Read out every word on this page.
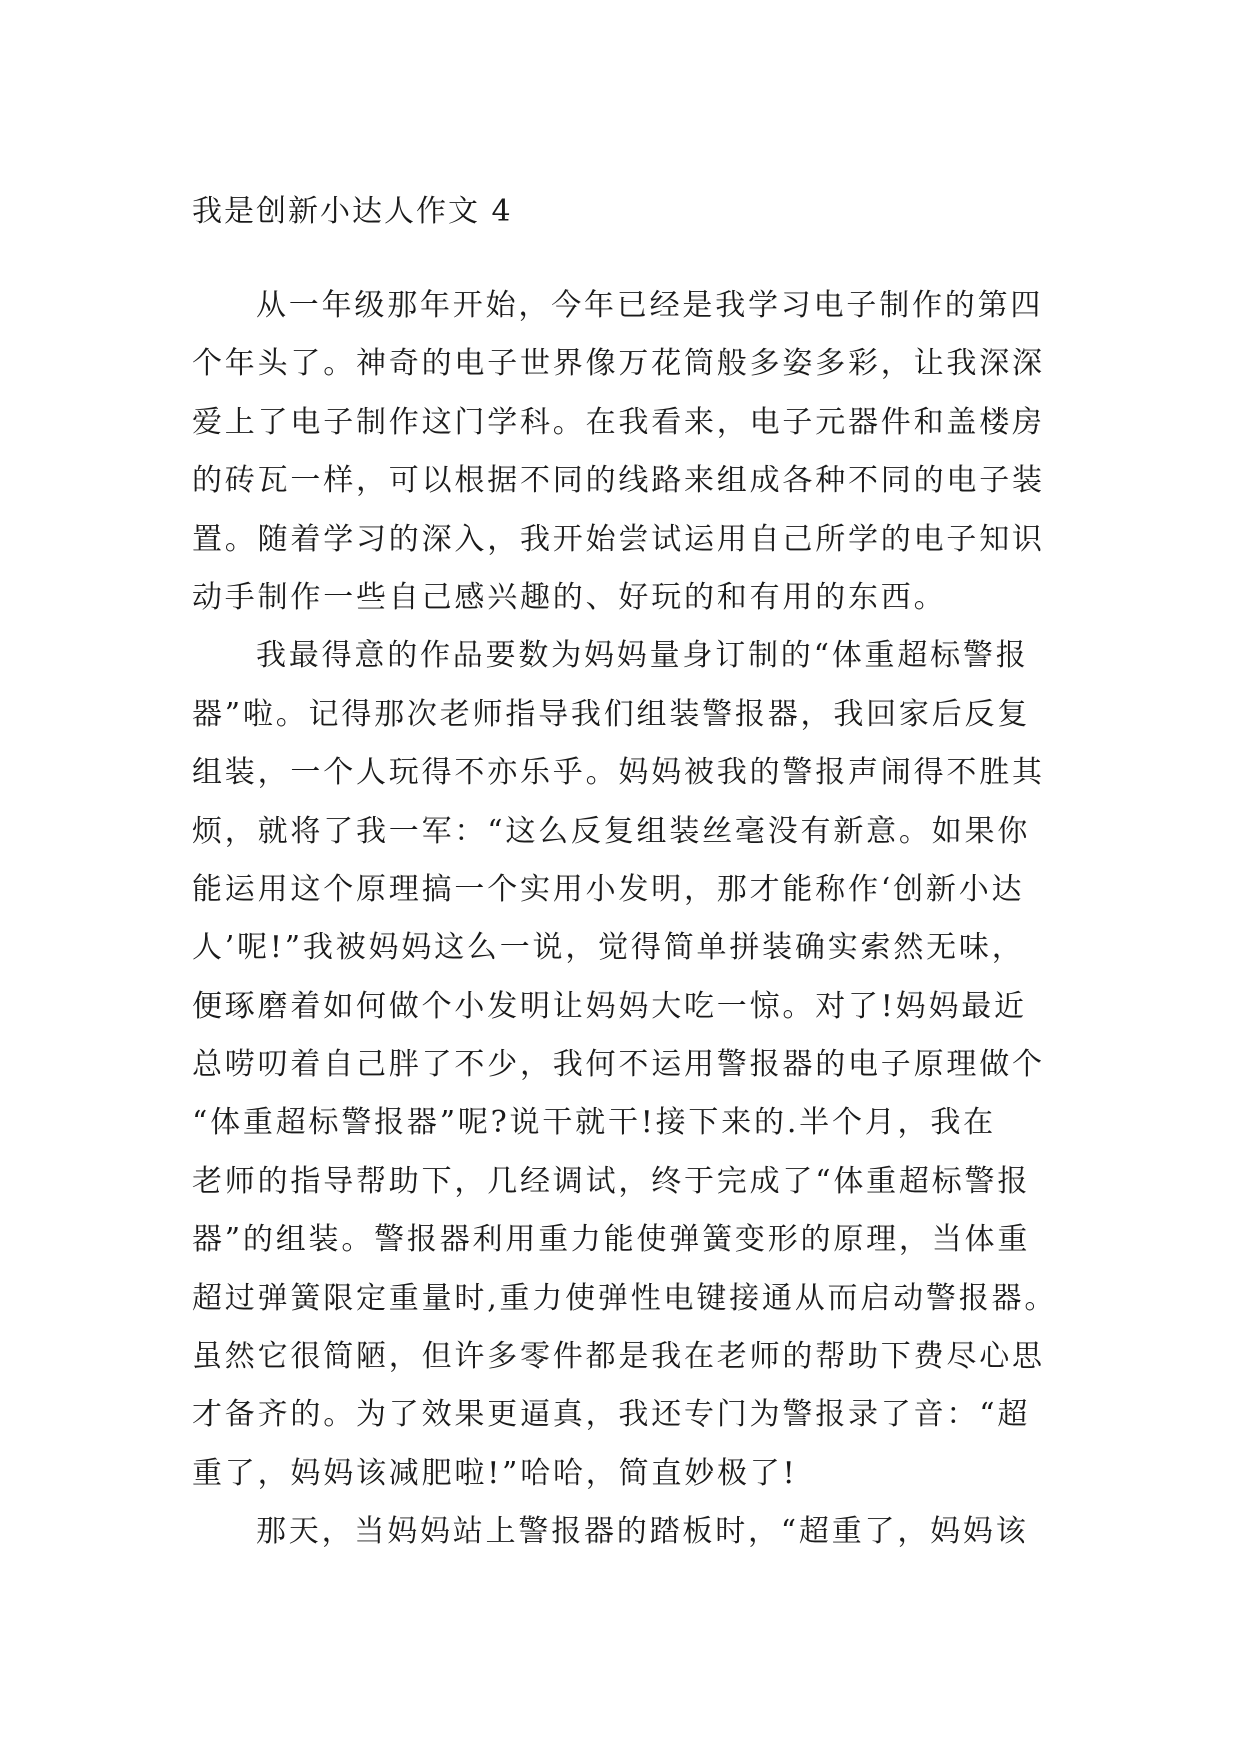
我是创新小达人作文 4
从一年级那年开始，今年已经是我学习电子制作的第四
个年头了。神奇的电子世界像万花筒般多姿多彩，让我深深
爱上了电子制作这门学科。在我看来，电子元器件和盖楼房
的砖瓦一样，可以根据不同的线路来组成各种不同的电子装
置。随着学习的深入，我开始尝试运用自己所学的电子知识
动手制作一些自己感兴趣的、好玩的和有用的东西。
我最得意的作品要数为妈妈量身订制的“体重超标警报
器”啦。记得那次老师指导我们组装警报器，我回家后反复
组装，一个人玩得不亦乐乎。妈妈被我的警报声闹得不胜其
烦，就将了我一军：“这么反复组装丝毫没有新意。如果你
能运用这个原理搞一个实用小发明，那才能称作‘创新小达
人’呢!”我被妈妈这么一说，觉得简单拼装确实索然无味，
便琢磨着如何做个小发明让妈妈大吃一惊。对了!妈妈最近
总唠叨着自己胖了不少，我何不运用警报器的电子原理做个
“体重超标警报器”呢?说干就干!接下来的.半个月，我在
老师的指导帮助下，几经调试，终于完成了“体重超标警报
器”的组装。警报器利用重力能使弹簧变形的原理，当体重
超过弹簧限定重量时,重力使弹性电键接通从而启动警报器。
虽然它很简陋，但许多零件都是我在老师的帮助下费尽心思
才备齐的。为了效果更逼真，我还专门为警报录了音：“超
重了，妈妈该减肥啦!”哈哈，简直妙极了!
那天，当妈妈站上警报器的踏板时，“超重了，妈妈该
